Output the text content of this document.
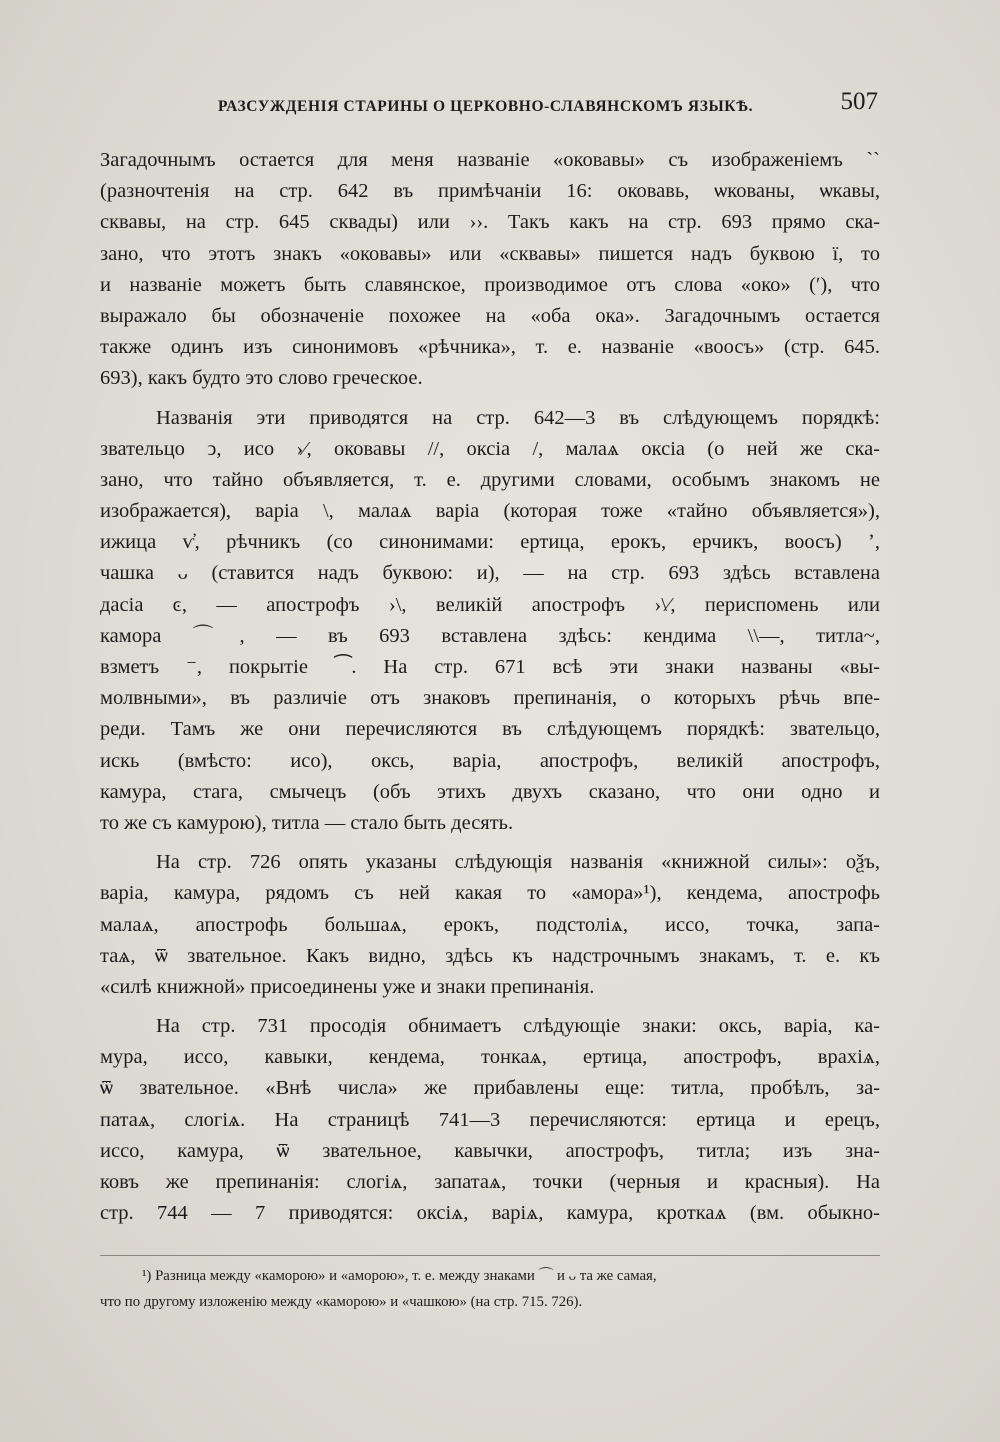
РАЗСУЖДЕНІЯ СТАРИНЫ О ЦЕРКОВНО-СЛАВЯНСКОМЪ ЯЗЫКѢ.	507
Загадочнымъ остается для меня названіе «оковавы» съ изображеніемъ ``
(разночтенія на стр. 642 въ примѣчаніи 16: оковавь, ѡкованы, ѡкавы,
сквавы, на стр. 645 сквады) или ››. Такъ какъ на стр. 693 прямо ска-
зано, что этотъ знакъ «оковавы» или «сквавы» пишется надъ буквою ї, то
и названіе можетъ быть славянское, производимое отъ слова «око» (ʹ), что
выражало бы обозначеніе похожее на «оба ока». Загадочнымъ остается
также одинъ изъ синонимовъ «рѣчника», т. е. названіе «воосъ» (стр. 645.
693), какъ будто это слово греческое.
Названія эти приводятся на стр. 642—3 въ слѣдующемъ порядкѣ:
звательцо ͻ, исо ›⁄, оковавы //, оксіа /, малаѧ оксіа (о ней же ска-
зано, что тайно объявляется, т. е. другими словами, особымъ знакомъ не
изображается), варіа \, малаѧ варіа (которая тоже «тайно объявляется»),
ижица ѵ҆, рѣчникъ (со синонимами: ертица, ерокъ, ерчикъ, воосъ) ʼ,
чашка ᴗ (ставится надъ буквою: и), — на стр. 693 здѣсь вставлена
дасіа ͼ, — апострофъ ›\, великій апострофъ ›\⁄, периспомень или
камора ⌒, — въ 693 вставлена здѣсь: кендима \\—, титла~,
взметъ ⁻, покрытіе ⁀. На стр. 671 всѣ эти знаки названы «вы-
молвными», въ различіе отъ знаковъ препинанія, о которыхъ рѣчь впе-
реди. Тамъ же они перечисляются въ слѣдующемъ порядкѣ: звательцо,
искь (вмѣсто: исо), оксь, варіа, апострофъ, великій апострофъ,
камура, стага, смычецъ (объ этихъ двухъ сказано, что они одно и
то же съ камурою), титла — стало быть десять.
На стр. 726 опять указаны слѣдующія названія «книжной силы»: оѯъ,
варіа, камура, рядомъ съ ней какая то «амора»¹), кендема, апострофь
малаѧ, апострофь большаѧ, ерокъ, подстоліѧ, иссо, точка, запа-
таѧ, ѿ звательное. Какъ видно, здѣсь къ надстрочнымъ знакамъ, т. е. къ
«силѣ книжной» присоединены уже и знаки препинанія.
На стр. 731 просодія обнимаетъ слѣдующіе знаки: оксь, варіа, ка-
мура, иссо, кавыки, кендема, тонкаѧ, ертица, апострофъ, врахіѧ,
ѿ звательное. «Внѣ числа» же прибавлены еще: титла, пробѣлъ, за-
патаѧ, слогіѧ. На страницѣ 741—3 перечисляются: ертица и ерецъ,
иссо, камура, ѿ звательное, кавычки, апострофъ, титла; изъ зна-
ковъ же препинанія: слогіѧ, запатаѧ, точки (черныя и красныя). На
стр. 744 — 7 приводятся: оксіѧ, варіѧ, камура, кроткаѧ (вм. обыкно-
¹) Разница между «каморою» и «аморою», т. е. между знаками ⌒ и ᴗ та же самая,
что по другому изложенію между «каморою» и «чашкою» (на стр. 715. 726).
